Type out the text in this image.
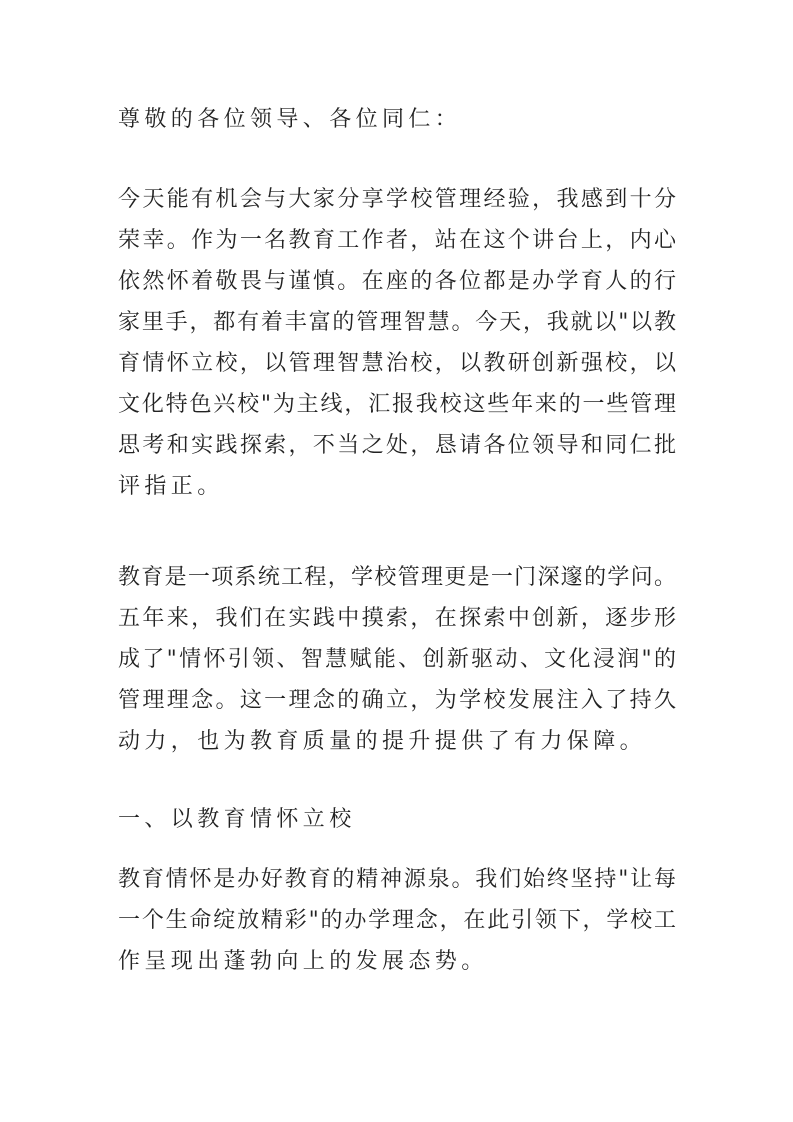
尊敬的各位领导、各位同仁：
今天能有机会与大家分享学校管理经验，我感到十分
荣幸。作为一名教育工作者，站在这个讲台上，内心
依然怀着敬畏与谨慎。在座的各位都是办学育人的行
家里手，都有着丰富的管理智慧。今天，我就以"以教
育情怀立校，以管理智慧治校，以教研创新强校，以
文化特色兴校"为主线，汇报我校这些年来的一些管理
思考和实践探索，不当之处，恳请各位领导和同仁批
评指正。
教育是一项系统工程，学校管理更是一门深邃的学问。
五年来，我们在实践中摸索，在探索中创新，逐步形
成了"情怀引领、智慧赋能、创新驱动、文化浸润"的
管理理念。这一理念的确立，为学校发展注入了持久
动力，也为教育质量的提升提供了有力保障。
一、以教育情怀立校
教育情怀是办好教育的精神源泉。我们始终坚持"让每
一个生命绽放精彩"的办学理念，在此引领下，学校工
作呈现出蓬勃向上的发展态势。
